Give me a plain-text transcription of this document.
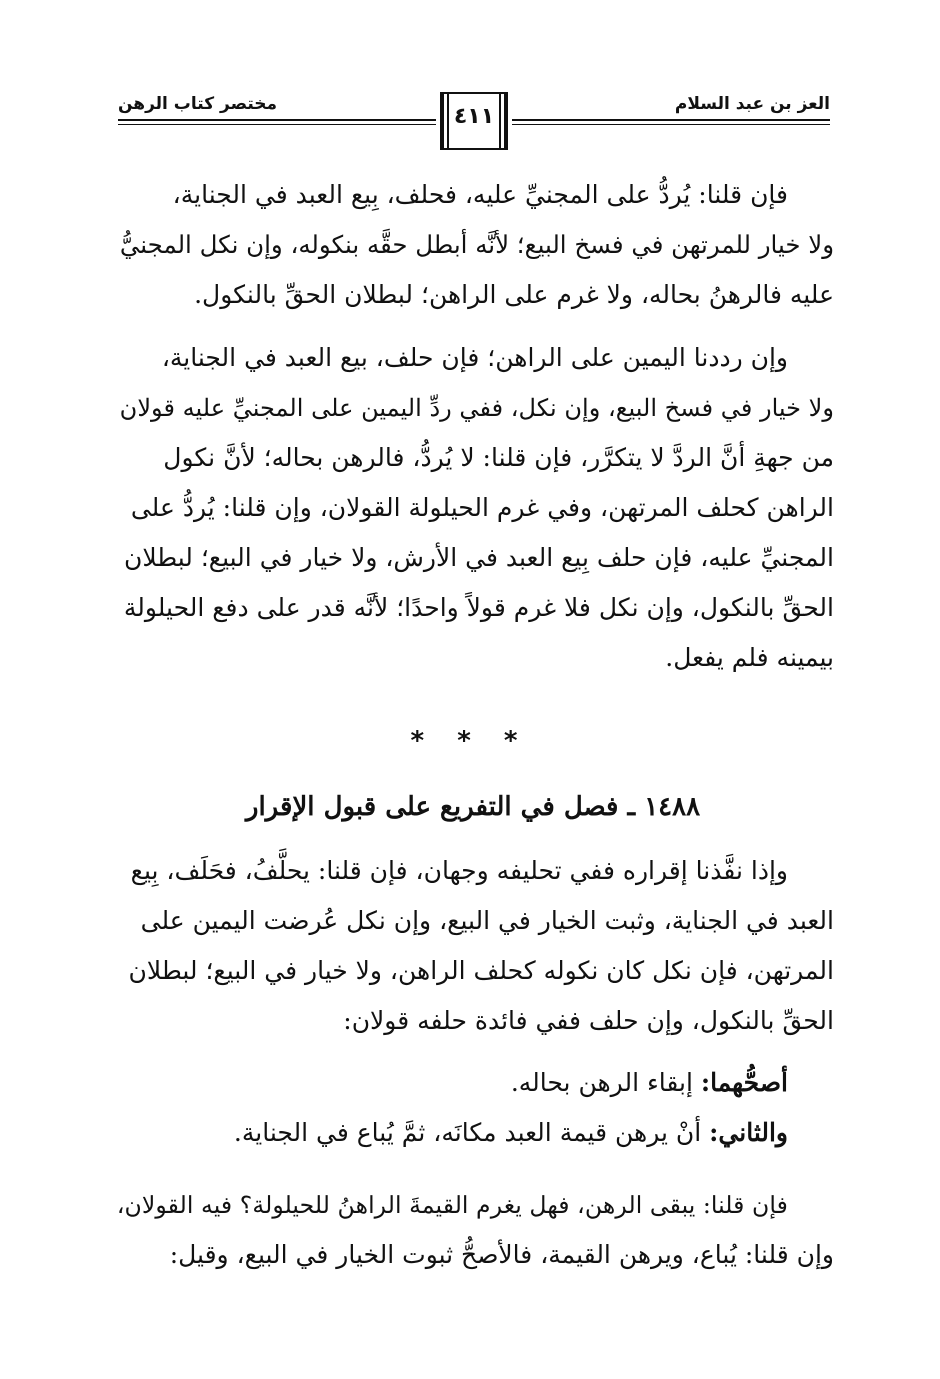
العز بن عبد السلام
مختصر كتاب الرهن	٤١١

فإن قلنا: يُردُّ على المجنيِّ عليه، فحلف، بِيع العبد في الجناية،

ولا خيار للمرتهن في فسخ البيع؛ لأنَّه أبطل حقَّه بنكوله، وإن نكل المجنيُّ

عليه فالرهنُ بحاله، ولا غرم على الراهن؛ لبطلان الحقِّ بالنكول.

وإن رددنا اليمين على الراهن؛ فإن حلف، بيع العبد في الجناية،

ولا خيار في فسخ البيع، وإن نكل، ففي ردِّ اليمين على المجنيِّ عليه قولان

من جهةِ أنَّ الردَّ لا يتكرَّر، فإن قلنا: لا يُردُّ، فالرهن بحاله؛ لأنَّ نكول

الراهن كحلف المرتهن، وفي غرم الحيلولة القولان، وإن قلنا: يُردُّ على

المجنيِّ عليه، فإن حلف بِيع العبد في الأرش، ولا خيار في البيع؛ لبطلان

الحقِّ بالنكول، وإن نكل فلا غرم قولاً واحدًا؛ لأنَّه قدر على دفع الحيلولة

بيمينه فلم يفعل.

* * *
١٤٨٨ ـ فصل في التفريع على قبول الإقرار

وإذا نفَّذنا إقراره ففي تحليفه وجهان، فإن قلنا: يحلَّفُ، فحَلَف، بِيع

العبد في الجناية، وثبت الخيار في البيع، وإن نكل عُرضت اليمين على

المرتهن، فإن نكل كان نكوله كحلف الراهن، ولا خيار في البيع؛ لبطلان

الحقِّ بالنكول، وإن حلف ففي فائدة حلفه قولان:

أصحُّهما: إبقاء الرهن بحاله.

والثاني: أنْ يرهن قيمة العبد مكانَه، ثمَّ يُباع في الجناية.

فإن قلنا: يبقى الرهن، فهل يغرم القيمةَ الراهنُ للحيلولة؟ فيه القولان،

وإن قلنا: يُباع، ويرهن القيمة، فالأصحُّ ثبوت الخيار في البيع، وقيل:
